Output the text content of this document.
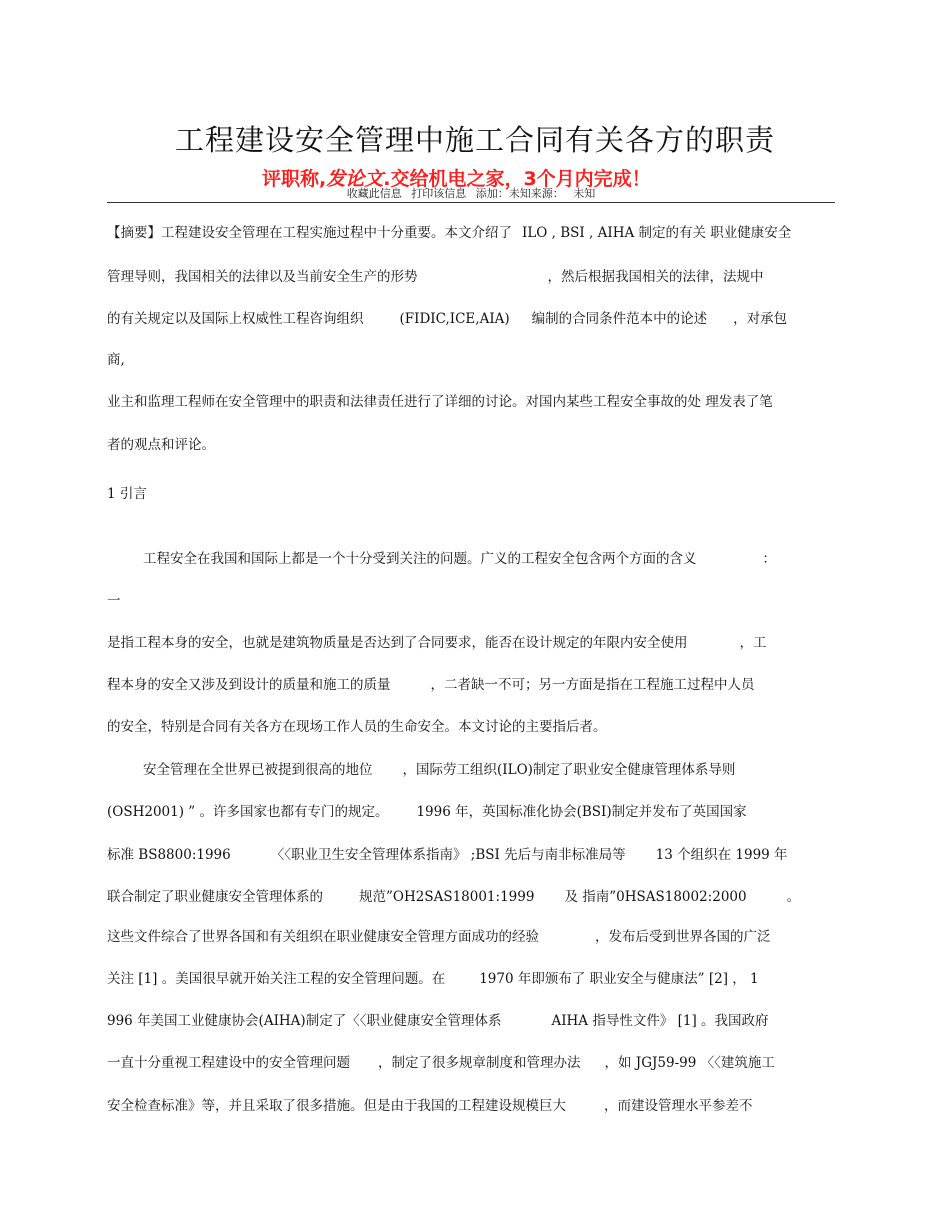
工程建设安全管理中施工合同有关各方的职责
评职称,发论文.交给机电之家，3个月内完成！
收藏此信息 打印该信息 添加：未知来源： 未知
【摘要】工程建设安全管理在工程实施过程中十分重要。本文介绍了 ILO , BSI , AIHA 制定的有关 职业健康安全
管理导则，我国相关的法律以及当前安全生产的形势	，然后根据我国相关的法律，法规中
的有关规定以及国际上权威性工程咨询组织	(FIDIC,ICE,AIA) 编制的合同条件范本中的论述 ，对承包
商,
业主和监理工程师在安全管理中的职责和法律责任进行了详细的讨论。对国内某些工程安全事故的处 理发表了笔
者的观点和评论。
1 引言
工程安全在我国和国际上都是一个十分受到关注的问题。广义的工程安全包含两个方面的含义	：
一
是指工程本身的安全，也就是建筑物质量是否达到了合同要求，能否在设计规定的年限内安全使用	，工
程本身的安全又涉及到设计的质量和施工的质量	，二者缺一不可；另一方面是指在工程施工过程中人员
的安全，特别是合同有关各方在现场工作人员的生命安全。本文讨论的主要指后者。
安全管理在全世界已被提到很高的地位 ，国际劳工组织(ILO)制定了职业安全健康管理体系导则
(OSH2001) ” 。许多国家也都有专门的规定。 1996 年，英国标准化协会(BSI)制定并发布了英国国家
标准 BS8800:1996	〈〈职业卫生安全管理体系指南》 ;BSI 先后与南非标准局等 13 个组织在 1999 年
联合制定了职业健康安全管理体系的	规范”OH2SAS18001:1999 及 指南”0HSAS18002:2000	。
这些文件综合了世界各国和有关组织在职业健康安全管理方面成功的经验	，发布后受到世界各国的广泛
关注 [1] 。美国很早就开始关注工程的安全管理问题。在	1970 年即颁布了 职业安全与健康法” [2] ， 1
996 年美国工业健康协会(AIHA)制定了〈〈职业健康安全管理体系	AIHA 指导性文件》 [1] 。我国政府
一直十分重视工程建设中的安全管理问题 ，制定了很多规章制度和管理办法 ，如 JGJ59-99 〈〈建筑施工
安全检查标准》等，并且采取了很多措施。但是由于我国的工程建设规模巨大	，而建设管理水平参差不
